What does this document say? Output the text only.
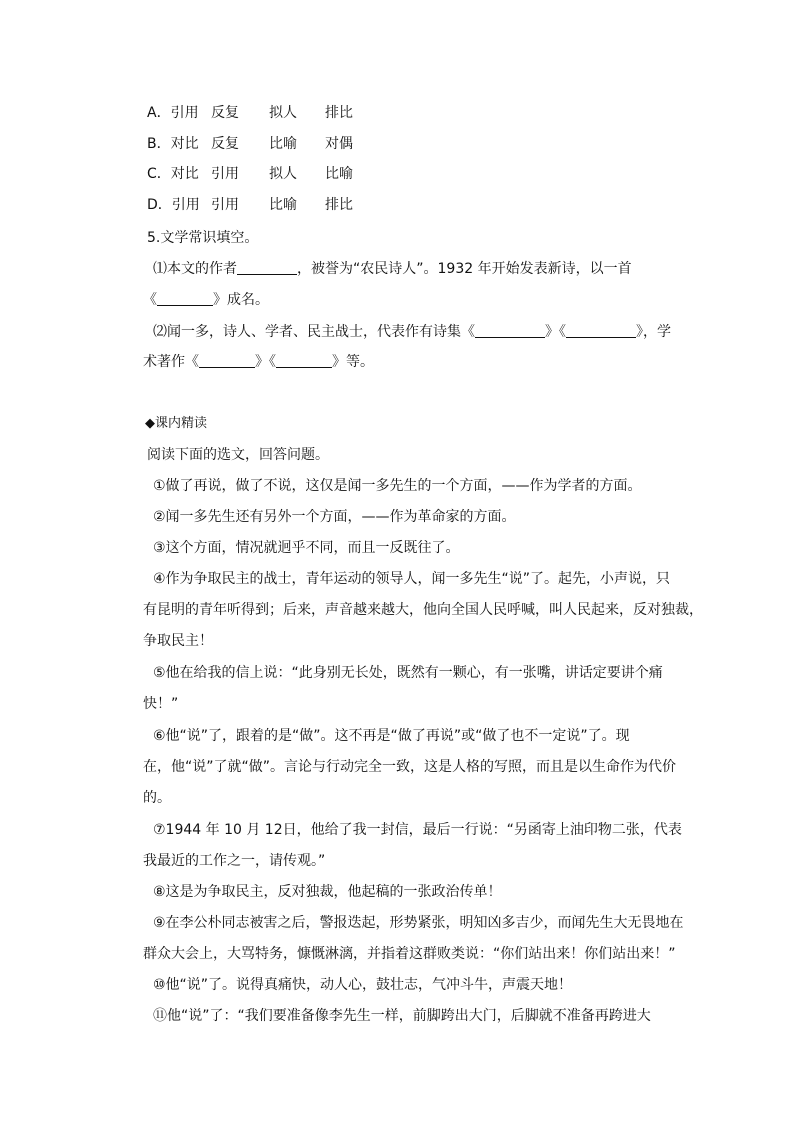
A．引用 反复 拟人 排比
B．对比 反复 比喻 对偶
C．对比 引用 拟人 比喻
D．引用 引用 比喻 排比
5.文学常识填空。
⑴本文的作者	，被誉为“农民诗人”。1932 年开始发表新诗，以一首
《	》成名。
⑵闻一多，诗人、学者、民主战士，代表作有诗集《	》《	》，学
术著作《	》《	》等。
◆课内精读
阅读下面的选文，回答问题。
①做了再说，做了不说，这仅是闻一多先生的一个方面，——作为学者的方面。
②闻一多先生还有另外一个方面，——作为革命家的方面。
③这个方面，情况就迥乎不同，而且一反既往了。
④作为争取民主的战士，青年运动的领导人，闻一多先生“说”了。起先，小声说，只
有昆明的青年听得到；后来，声音越来越大，他向全国人民呼喊，叫人民起来，反对独裁，
争取民主！
⑤他在给我的信上说：“此身别无长处，既然有一颗心，有一张嘴，讲话定要讲个痛
快！”
⑥他“说”了，跟着的是“做”。这不再是“做了再说”或“做了也不一定说”了。现
在，他“说”了就“做”。言论与行动完全一致，这是人格的写照，而且是以生命作为代价
的。
⑦1944 年 10 月 12日，他给了我一封信，最后一行说：“另函寄上油印物二张，代表
我最近的工作之一，请传观。”
⑧这是为争取民主，反对独裁，他起稿的一张政治传单！
⑨在李公朴同志被害之后，警报迭起，形势紧张，明知凶多吉少，而闻先生大无畏地在
群众大会上，大骂特务，慷慨淋漓，并指着这群败类说：“你们站出来！你们站出来！”
⑩他“说”了。说得真痛快，动人心，鼓壮志，气冲斗牛，声震天地！
⑪他“说”了：“我们要准备像李先生一样，前脚跨出大门，后脚就不准备再跨进大
